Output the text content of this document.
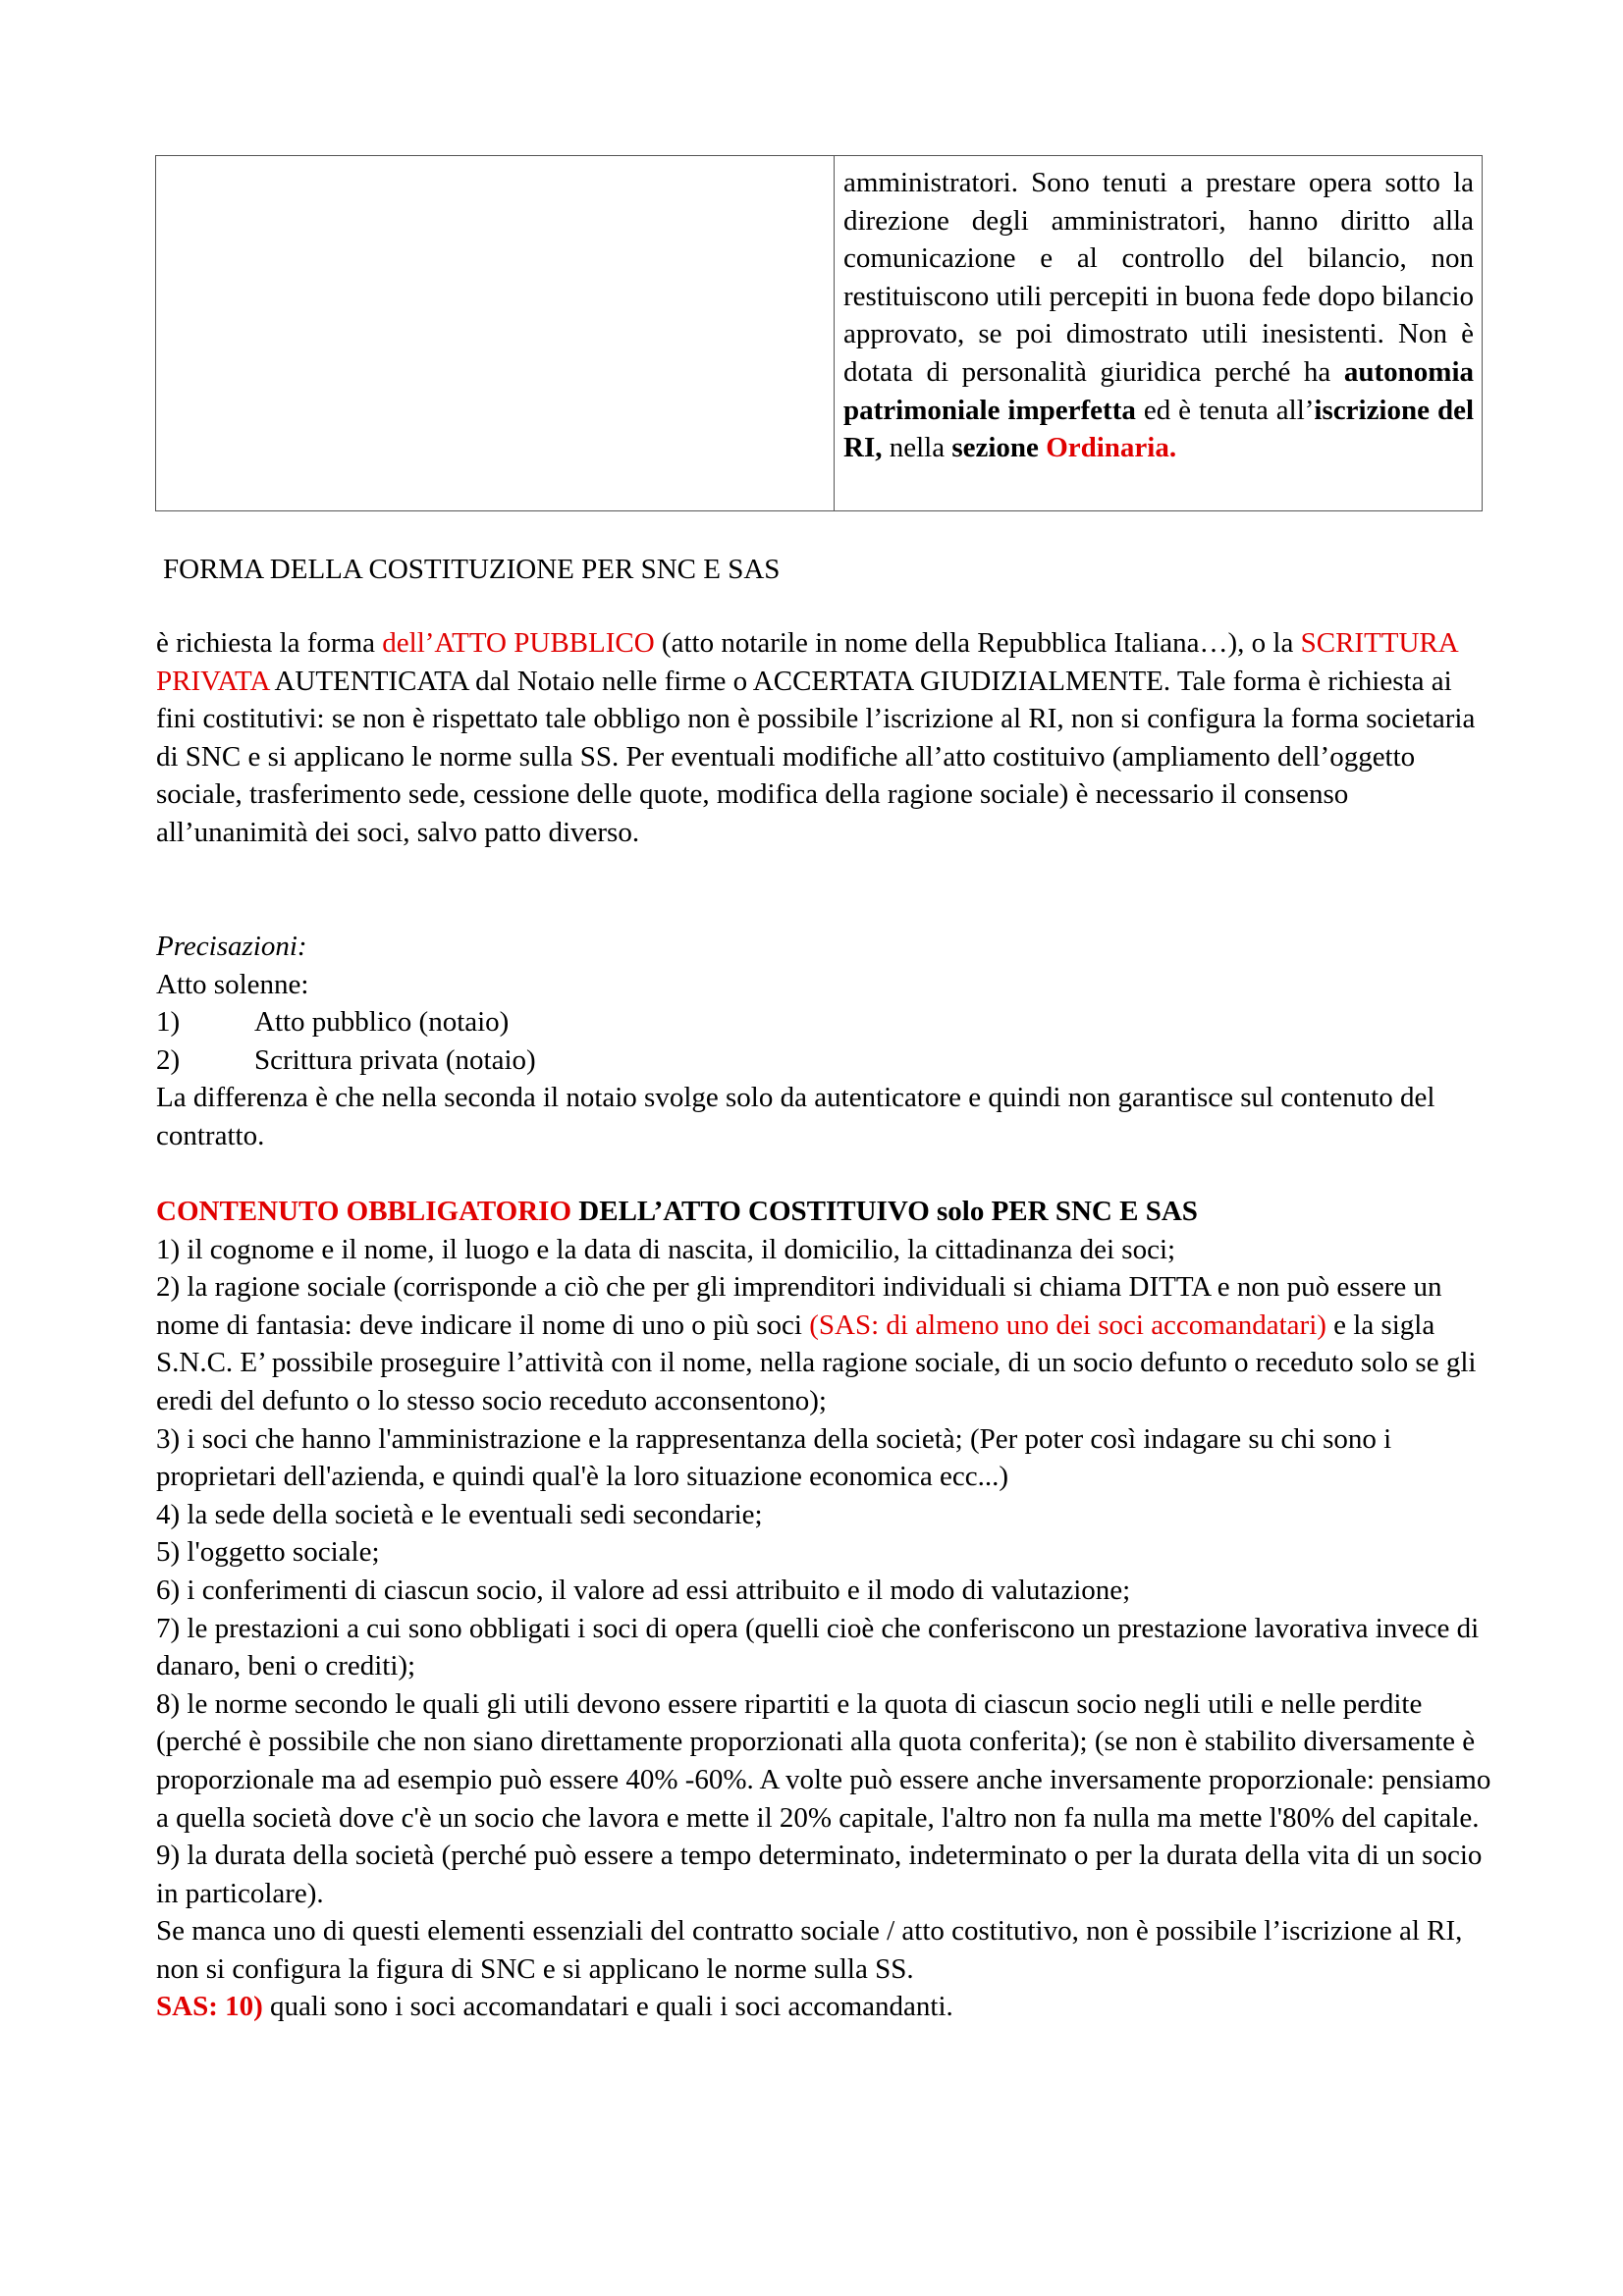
amministratori. Sono tenuti a prestare opera sotto la direzione degli amministratori, hanno diritto alla comunicazione e al controllo del bilancio, non restituiscono utili percepiti in buona fede dopo bilancio approvato, se poi dimostrato utili inesistenti. Non è dotata di personalità giuridica perché ha autonomia patrimoniale imperfetta ed è tenuta all’iscrizione del RI, nella sezione Ordinaria.
FORMA DELLA COSTITUZIONE PER SNC E SAS

è richiesta la forma dell’ATTO PUBBLICO (atto notarile in nome della Repubblica Italiana…), o la SCRITTURA PRIVATA AUTENTICATA dal Notaio nelle firme o ACCERTATA GIUDIZIALMENTE. Tale forma è richiesta ai fini costitutivi: se non è rispettato tale obbligo non è possibile l’iscrizione al RI, non si configura la forma societaria di SNC e si applicano le norme sulla SS. Per eventuali modifiche all’atto costituivo (ampliamento dell’oggetto sociale, trasferimento sede, cessione delle quote, modifica della ragione sociale) è necessario il consenso all’unanimità dei soci, salvo patto diverso.

Precisazioni:

Atto solenne:

1)	Atto pubblico (notaio)
2)	Scrittura privata (notaio)

La differenza è che nella seconda il notaio svolge solo da autenticatore e quindi non garantisce sul contenuto del contratto.

CONTENUTO OBBLIGATORIO DELL’ATTO COSTITUIVO solo PER SNC E SAS

1) il cognome e il nome, il luogo e la data di nascita, il domicilio, la cittadinanza dei soci;

2) la ragione sociale (corrisponde a ciò che per gli imprenditori individuali si chiama DITTA e non può essere un nome di fantasia: deve indicare il nome di uno o più soci (SAS: di almeno uno dei soci accomandatari) e la sigla S.N.C. E’ possibile proseguire l’attività con il nome, nella ragione sociale, di un socio defunto o receduto solo se gli eredi del defunto o lo stesso socio receduto acconsentono);

3) i soci che hanno l'amministrazione e la rappresentanza della società; (Per poter così indagare su chi sono i proprietari dell'azienda, e quindi qual'è la loro situazione economica ecc...)

4) la sede della società e le eventuali sedi secondarie;

5) l'oggetto sociale;

6) i conferimenti di ciascun socio, il valore ad essi attribuito e il modo di valutazione;

7) le prestazioni a cui sono obbligati i soci di opera (quelli cioè che conferiscono un prestazione lavorativa invece di danaro, beni o crediti);

8) le norme secondo le quali gli utili devono essere ripartiti e la quota di ciascun socio negli utili e nelle perdite (perché è possibile che non siano direttamente proporzionati alla quota conferita); (se non è stabilito diversamente è proporzionale ma ad esempio può essere 40% -60%. A volte può essere anche inversamente proporzionale: pensiamo a quella società dove c'è un socio che lavora e mette il 20% capitale, l'altro non fa nulla ma mette l'80% del capitale.

9) la durata della società (perché può essere a tempo determinato, indeterminato o per la durata della vita di un socio in particolare).

Se manca uno di questi elementi essenziali del contratto sociale / atto costitutivo, non è possibile l’iscrizione al RI, non si configura la figura di SNC e si applicano le norme sulla SS.

SAS: 10) quali sono i soci accomandatari e quali i soci accomandanti.
